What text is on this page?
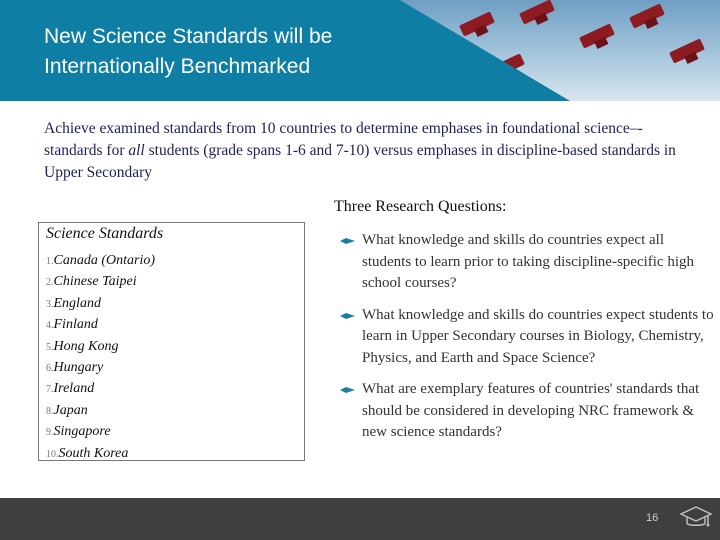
New Science Standards will be
Internationally Benchmarked

Achieve examined standards from 10 countries to determine emphases in foundational science–-standards for all students (grade spans 1-6 and 7-10) versus emphases in discipline-based standards in Upper Secondary

Three Research Questions:
Science Standards
1.Canada (Ontario)
2.Chinese Taipei
3.England
4.Finland
5.Hong Kong
6.Hungary
7.Ireland
8.Japan
9.Singapore
10.South Korea
What knowledge and skills do countries expect all students to learn prior to taking discipline-specific high school courses?
What knowledge and skills do countries expect students to learn in Upper Secondary courses in Biology, Chemistry, Physics, and Earth and Space Science?
What are exemplary features of countries' standards that should be considered in developing NRC framework & new science standards?
16
